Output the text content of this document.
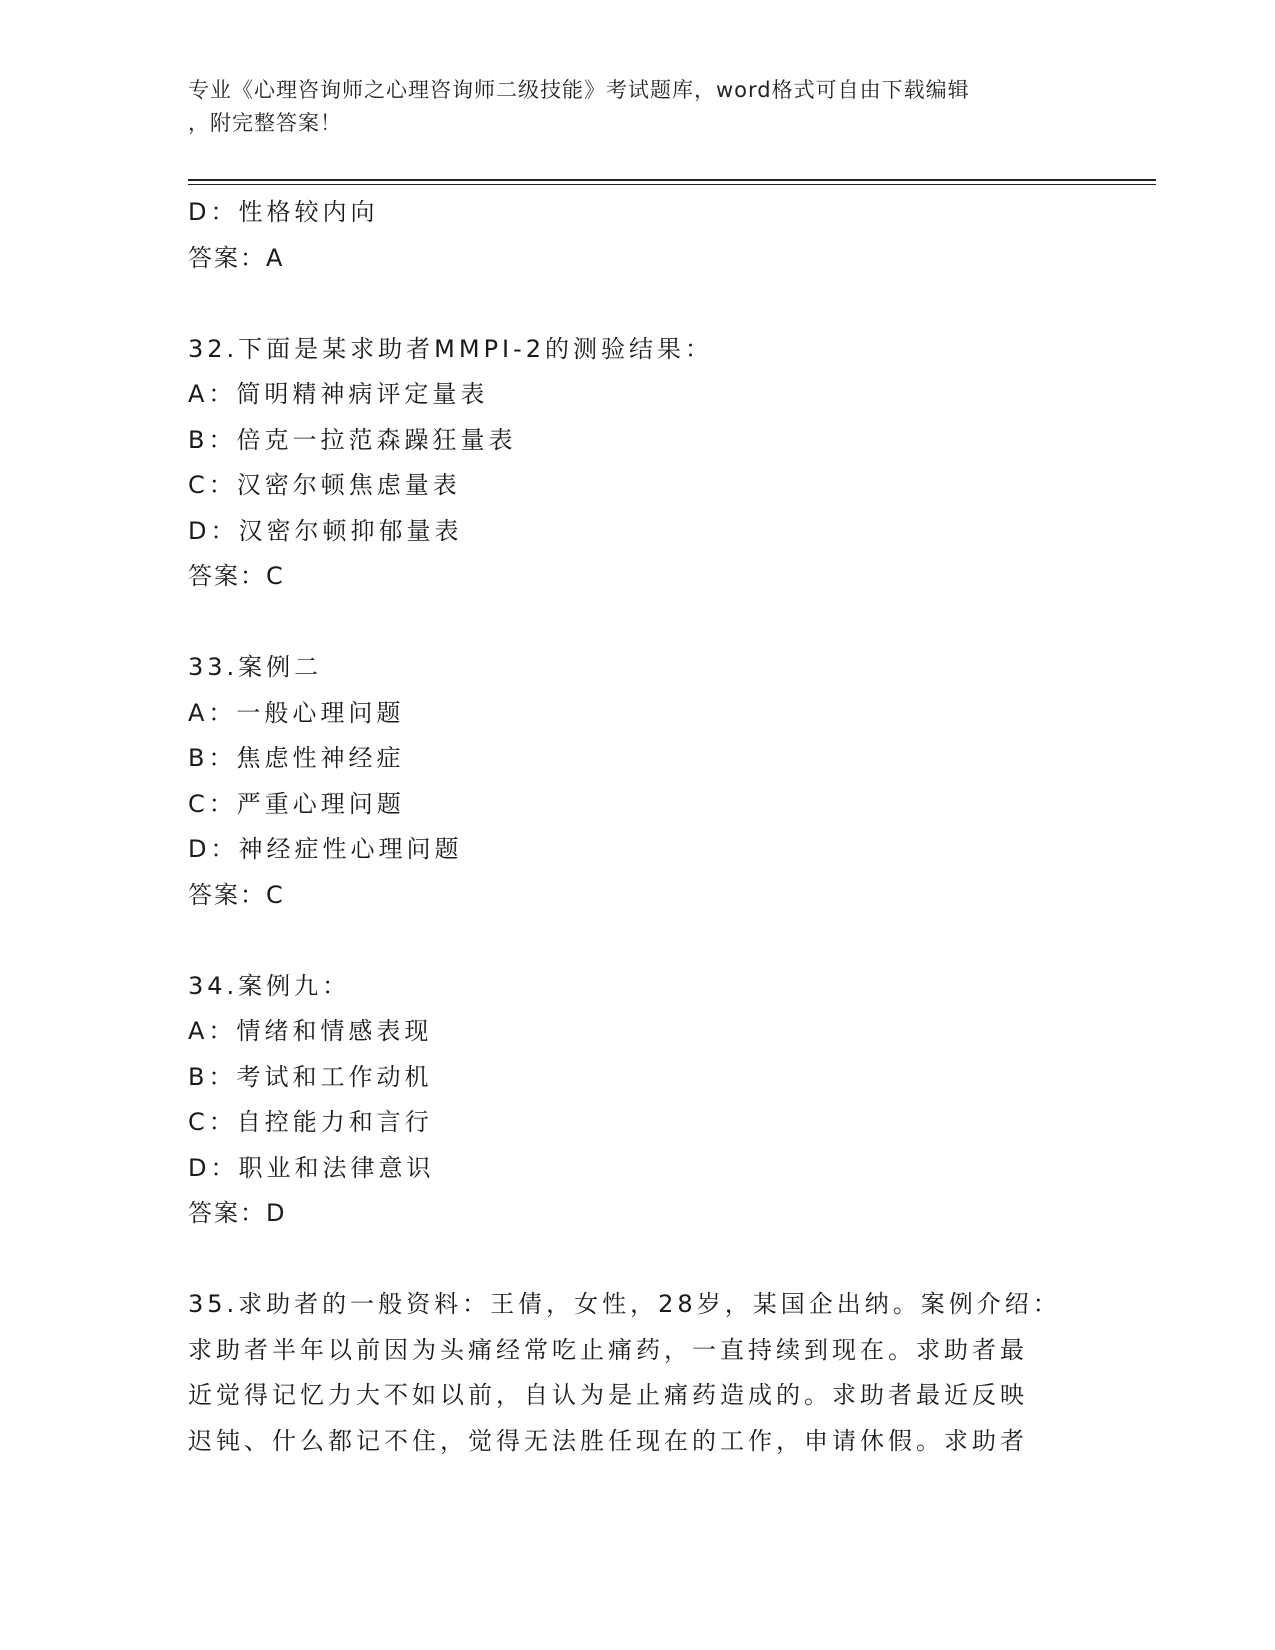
专业《心理咨询师之心理咨询师二级技能》考试题库，word格式可自由下载编辑
，附完整答案！
D：性格较内向
答案：A
32.下面是某求助者MMPI-2的测验结果：
A：简明精神病评定量表
B：倍克一拉范森躁狂量表
C：汉密尔顿焦虑量表
D：汉密尔顿抑郁量表
答案：C
33.案例二
A：一般心理问题
B：焦虑性神经症
C：严重心理问题
D：神经症性心理问题
答案：C
34.案例九：
A：情绪和情感表现
B：考试和工作动机
C：自控能力和言行
D：职业和法律意识
答案：D
35.求助者的一般资料：王倩，女性，28岁，某国企出纳。案例介绍：
求助者半年以前因为头痛经常吃止痛药，一直持续到现在。求助者最
近觉得记忆力大不如以前，自认为是止痛药造成的。求助者最近反映
迟钝、什么都记不住，觉得无法胜任现在的工作，申请休假。求助者
